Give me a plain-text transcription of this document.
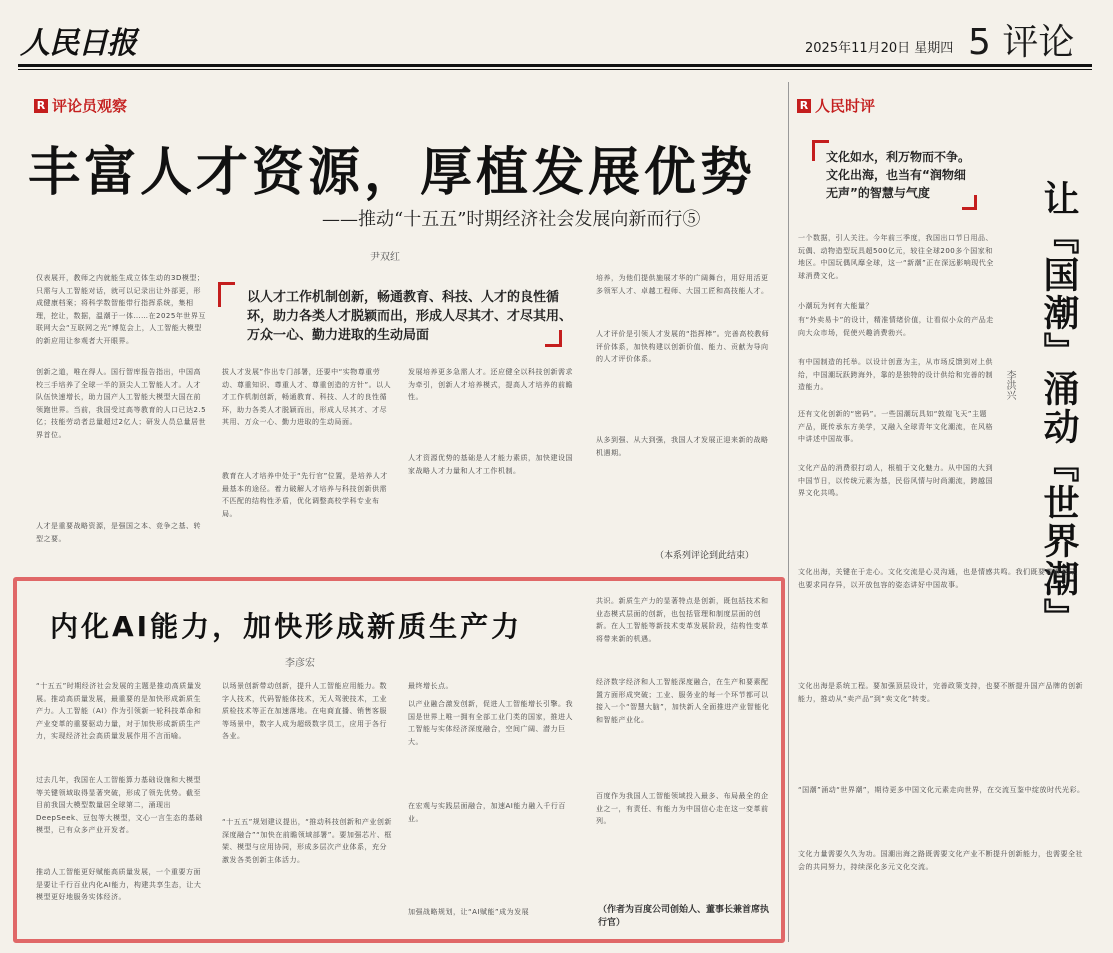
人民日报	2025年11月20日 星期四 5 评论
R 评论员观察
丰富人才资源，厚植发展优势
——推动“十五五”时期经济社会发展向新而行⑤
尹双红
以人才工作机制创新，畅通教育、科技、人才的良性循环，助力各类人才脱颖而出，形成人尽其才、才尽其用、万众一心、勤力进取的生动局面
仅表展开，教师之内就能生成立体生动的3D模型；只需与人工智能对话，就可以记录出让外部更，形成健康档案；将科学数智能带行指挥系统，集相理，挖让，数据，温潮于一体……在2025年世界互联网大会“互联网之光”博览会上，人工智能大模型的新应用让参观者大开眼界。
创新之道，唯在得人。国行智库报告指出，中国高校三手培养了全球一半的顶尖人工智能人才。人才队伍快速增长，助力国产人工智能大模型大国在前领跑世界。当前，我国受过高等教育的人口已达2.5亿；技能劳动者总量超过2亿人；研发人员总量居世界首位。
人才是重要战略资源，是强国之本、竞争之基、转型之要。
拔人才发展”作出专门部署，还要中“实物尊重劳动、尊重知识、尊重人才、尊重创造的方针”。以人才工作机制创新，畅通教育、科技、人才的良性循环，助力各类人才脱颖而出，形成人尽其才、才尽其用、万众一心、勤力进取的生动局面。
教育在人才培养中处于“先行官”位置，是培养人才最基本的途径。着力破解人才培养与科技创新供需不匹配的结构性矛盾，优化调整高校学科专业布局。
发展培养更多急需人才。还应健全以科技创新需求为牵引，创新人才培养模式，提高人才培养的前瞻性。
人才资源优势的基础是人才能力素质，加快建设国家战略人才力量和人才工作机制。
培养，为他们提供施展才华的广阔舞台，用好用活更多领军人才、卓越工程师、大国工匠和高技能人才。
人才评价是引领人才发展的“指挥棒”。完善高校教师评价体系，加快构建以创新价值、能力、贡献为导向的人才评价体系。
从多到强、从大到强，我国人才发展正迎来新的战略机遇期。
（本系列评论到此结束）
内化AI能力，加快形成新质生产力
李彦宏
“十五五”时期经济社会发展的主题是推动高质量发展。推动高质量发展，最重要的是加快形成新质生产力。人工智能（AI）作为引领新一轮科技革命和产业变革的重要驱动力量，对于加快形成新质生产力，实现经济社会高质量发展作用不言而喻。
过去几年，我国在人工智能算力基础设施和大模型等关键领域取得显著突破，形成了领先优势。截至目前我国大模型数量居全球第二，涌现出DeepSeek、豆包等大模型，文心一言生态的基础模型，已有众多产业开发者。
推动人工智能更好赋能高质量发展，一个重要方面是要让千行百业内化AI能力，构建共享生态，让大模型更好地服务实体经济。
以场景创新带动创新，提升人工智能应用能力。数字人技术，代码智能体技术，无人驾驶技术，工业质检技术等正在加速落地。在电商直播、销售客服等场景中，数字人成为超级数字员工，应用于各行各业。
“十五五”规划建议提出，“推动科技创新和产业创新深度融合”“加快在前瞻领域部署”。要加强芯片、框架、模型与应用协同，形成多层次产业体系，充分激发各类创新主体活力。
最终增长点。
以产业融合激发创新，促进人工智能增长引擎。我国是世界上唯一拥有全部工业门类的国家，推进人工智能与实体经济深度融合，空间广阔、潜力巨大。
在宏观与实践层面融合，加速AI能力融入千行百业。
加强战略规划，让“AI赋能”成为发展
共识。新质生产力的显著特点是创新，既包括技术和业态模式层面的创新，也包括管理和制度层面的创新。在人工智能等新技术变革发展阶段，结构性变革将带来新的机遇。
经济数字经济和人工智能深度融合，在生产和要素配置方面形成突破；工业、服务业的每一个环节都可以接入一个“智慧大脑”，加快新人全面推进产业智能化和智能产业化。
百度作为我国人工智能领域投入最多、布局最全的企业之一，有责任、有能力为中国信心走在这一变革前列。
（作者为百度公司创始人、董事长兼首席执行官）
R 人民时评
文化如水，利万物而不争。文化出海，也当有“润物细无声”的智慧与气度	让『国潮』涌动『世界潮』
李洪兴
一个数据，引人关注。今年前三季度，我国出口节日用品、玩偶、动物造型玩具超500亿元，较往全球200多个国家和地区。中国玩偶风靡全球，这一“新潮”正在深远影响现代全球消费文化。
小潮玩为何有大能量？
有“外卖易卡”的设计，精准情绪价值，让看似小众的产品走向大众市场，促使兴趣消费勃兴。
有中国制造的托举。以设计创意为主，从市场反馈到对上供给，中国潮玩跃跨海外，靠的是独特的设计供给和完善的制造能力。
还有文化创新的“密码”。一些国潮玩具如“敦煌飞天”主题产品，既传承东方美学，又融入全球青年文化潮流，在风格中讲述中国故事。
文化产品的消费很打动人，根植于文化魅力。从中国的大到中国节日，以传统元素为基，民俗风情与时尚潮流，跨越国界文化共鸣。
文化出海，关键在于走心。文化交流是心灵沟通，也是情感共鸣。我们既要尊重差异，也要求同存异，以开放包容的姿态讲好中国故事。
文化出海是系统工程。要加强顶层设计，完善政策支持，也要不断提升国产品牌的创新能力，推动从“卖产品”到“卖文化”转变。
“国潮”涌动“世界潮”，期待更多中国文化元素走向世界，在交流互鉴中绽放时代光彩。
文化力量需要久久为功。国潮出海之路既需要文化产业不断提升创新能力，也需要全社会的共同努力，持续深化多元文化交流。
